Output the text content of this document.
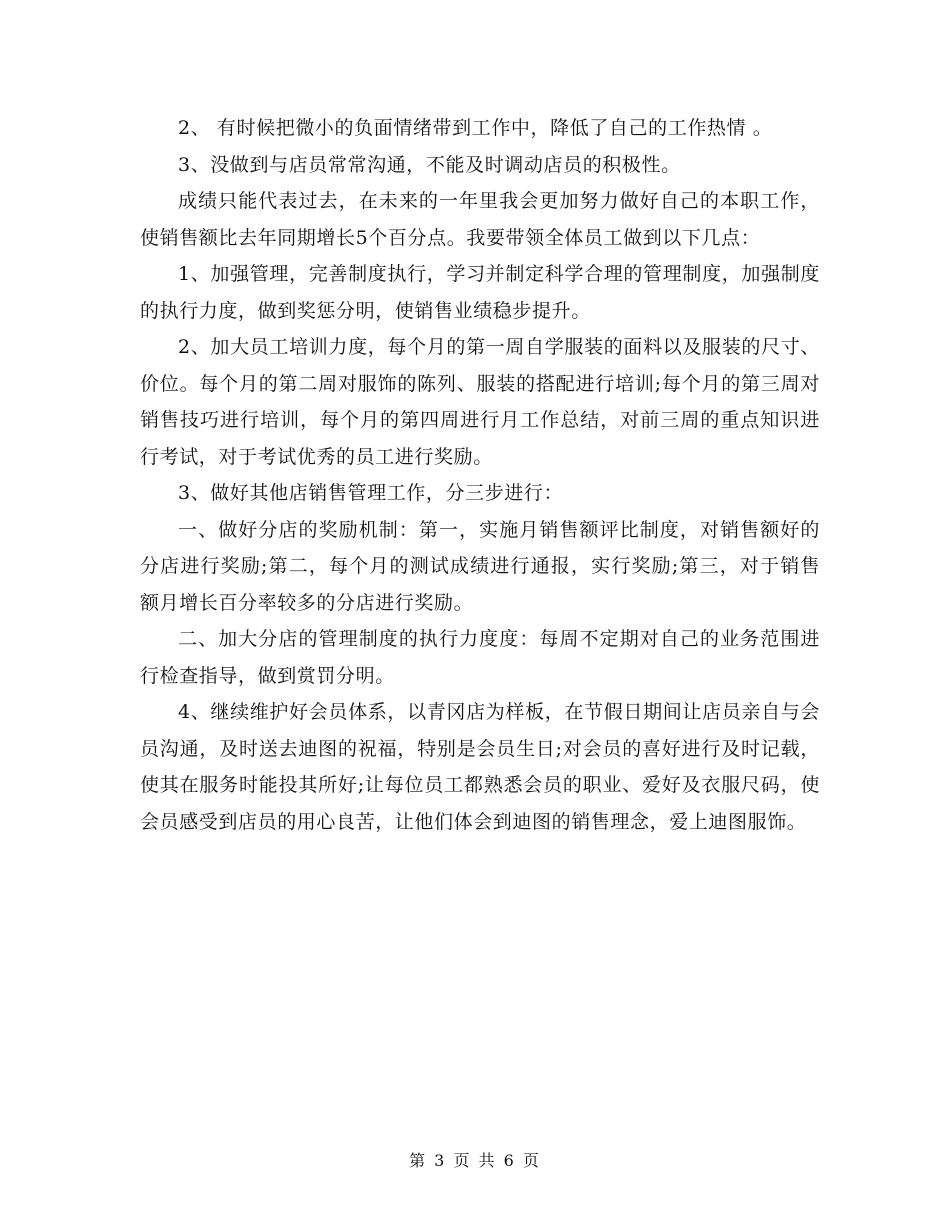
2、 有时候把微小的负面情绪带到工作中，降低了自己的工作热情 。

3、没做到与店员常常沟通，不能及时调动店员的积极性。

成绩只能代表过去，在未来的一年里我会更加努力做好自己的本职工作，使销售额比去年同期增长5个百分点。我要带领全体员工做到以下几点：

1、加强管理，完善制度执行，学习并制定科学合理的管理制度，加强制度的执行力度，做到奖惩分明，使销售业绩稳步提升。

2、加大员工培训力度，每个月的第一周自学服装的面料以及服装的尺寸、价位。每个月的第二周对服饰的陈列、服装的搭配进行培训;每个月的第三周对销售技巧进行培训，每个月的第四周进行月工作总结，对前三周的重点知识进行考试，对于考试优秀的员工进行奖励。

3、做好其他店销售管理工作，分三步进行：

一、做好分店的奖励机制：第一，实施月销售额评比制度，对销售额好的分店进行奖励;第二，每个月的测试成绩进行通报，实行奖励;第三，对于销售额月增长百分率较多的分店进行奖励。

二、加大分店的管理制度的执行力度度：每周不定期对自己的业务范围进行检查指导，做到赏罚分明。

4、继续维护好会员体系，以青冈店为样板，在节假日期间让店员亲自与会员沟通，及时送去迪图的祝福，特别是会员生日;对会员的喜好进行及时记载，使其在服务时能投其所好;让每位员工都熟悉会员的职业、爱好及衣服尺码，使会员感受到店员的用心良苦，让他们体会到迪图的销售理念，爱上迪图服饰。

第 3 页 共 6 页
